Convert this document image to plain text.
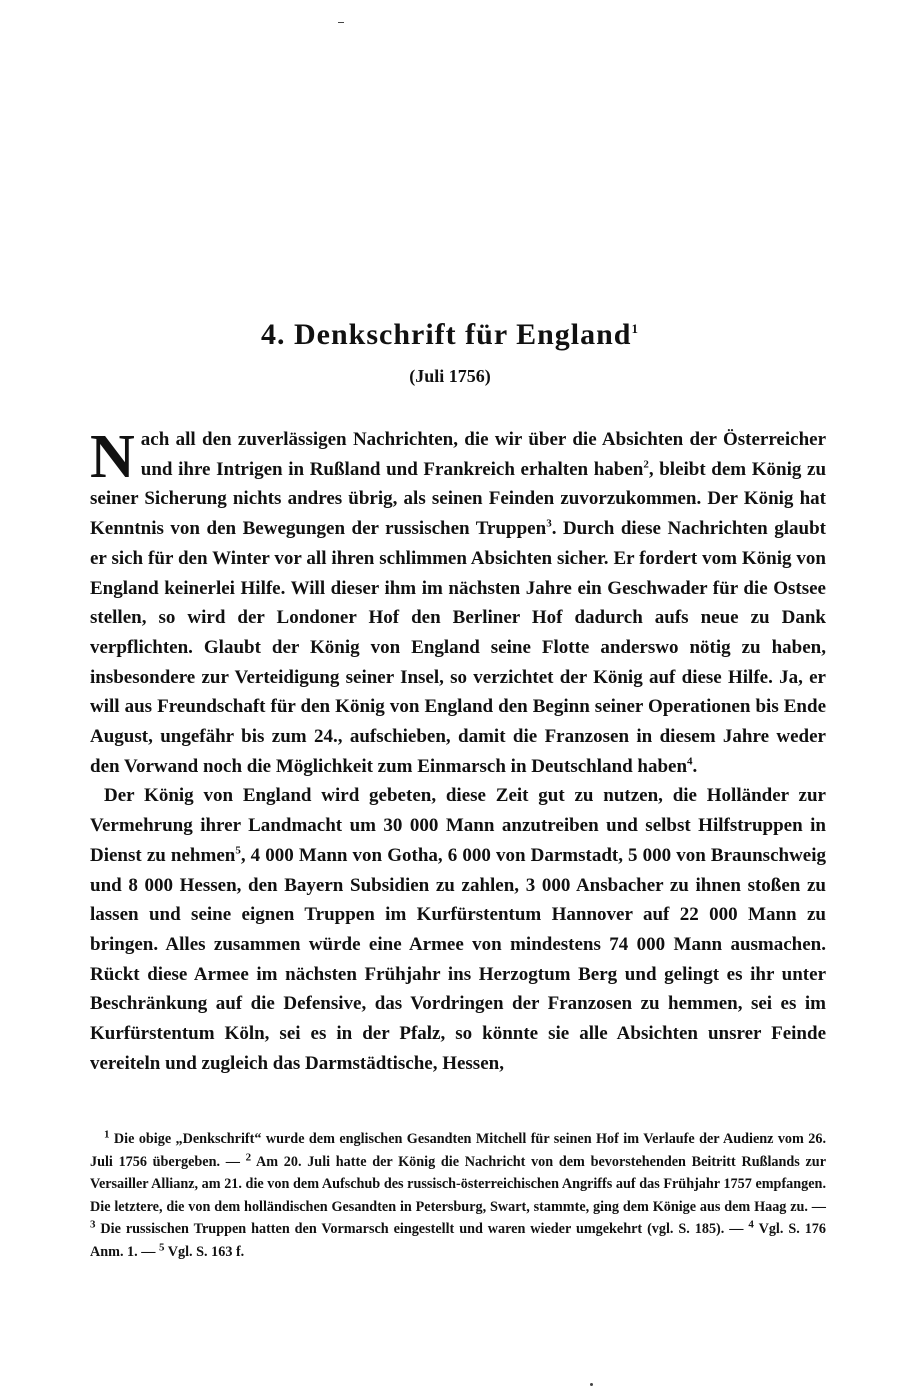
4. Denkschrift für England$^1$
(Juli 1756)

Nach all den zuverlässigen Nachrichten, die wir über die Absichten der Österreicher und ihre Intrigen in Rußland und Frankreich erhalten haben$^2$, bleibt dem König zu seiner Sicherung nichts andres übrig, als seinen Feinden zuvorzukommen. Der König hat Kenntnis von den Bewegungen der russischen Truppen$^3$. Durch diese Nachrichten glaubt er sich für den Winter vor all ihren schlimmen Absichten sicher. Er fordert vom König von England keinerlei Hilfe. Will dieser ihm im nächsten Jahre ein Geschwader für die Ostsee stellen, so wird der Londoner Hof den Berliner Hof dadurch aufs neue zu Dank verpflichten. Glaubt der König von England seine Flotte anderswo nötig zu haben, insbesondere zur Verteidigung seiner Insel, so verzichtet der König auf diese Hilfe. Ja, er will aus Freundschaft für den König von England den Beginn seiner Operationen bis Ende August, ungefähr bis zum 24., aufschieben, damit die Franzosen in diesem Jahre weder den Vorwand noch die Möglichkeit zum Einmarsch in Deutschland haben$^4$.

Der König von England wird gebeten, diese Zeit gut zu nutzen, die Holländer zur Vermehrung ihrer Landmacht um 30 000 Mann anzutreiben und selbst Hilfstruppen in Dienst zu nehmen$^5$, 4 000 Mann von Gotha, 6 000 von Darmstadt, 5 000 von Braunschweig und 8 000 Hessen, den Bayern Subsidien zu zahlen, 3 000 Ansbacher zu ihnen stoßen zu lassen und seine eignen Truppen im Kurfürstentum Hannover auf 22 000 Mann zu bringen. Alles zusammen würde eine Armee von mindestens 74 000 Mann ausmachen. Rückt diese Armee im nächsten Frühjahr ins Herzogtum Berg und gelingt es ihr unter Beschränkung auf die Defensive, das Vordringen der Franzosen zu hemmen, sei es im Kurfürstentum Köln, sei es in der Pfalz, so könnte sie alle Absichten unsrer Feinde vereiteln und zugleich das Darmstädtische, Hessen,

$^1$ Die obige „Denkschrift“ wurde dem englischen Gesandten Mitchell für seinen Hof im Verlaufe der Audienz vom 26. Juli 1756 übergeben. — $^2$ Am 20. Juli hatte der König die Nachricht von dem bevorstehenden Beitritt Rußlands zur Versailler Allianz, am 21. die von dem Aufschub des russisch-österreichischen Angriffs auf das Frühjahr 1757 empfangen. Die letztere, die von dem holländischen Gesandten in Petersburg, Swart, stammte, ging dem Könige aus dem Haag zu. — $^3$ Die russischen Truppen hatten den Vormarsch eingestellt und waren wieder umgekehrt (vgl. S. 185). — $^4$ Vgl. S. 176 Anm. 1. — $^5$ Vgl. S. 163 f.
